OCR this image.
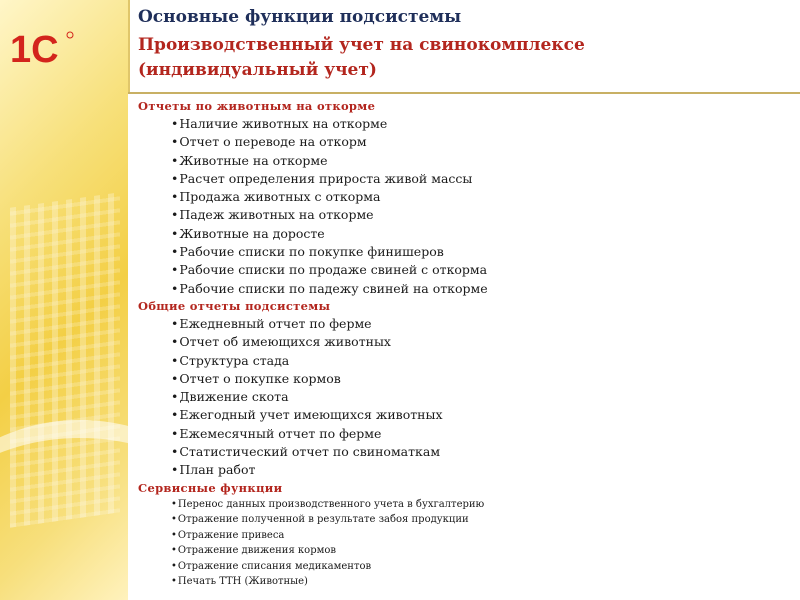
1С
Основные функции подсистемы
Производственный учет на свинокомплексе
(индивидуальный учет)
Отчеты по животным на откорме
• Наличие животных на откорме
• Отчет о переводе на откорм
• Животные на откорме
• Расчет определения прироста живой массы
• Продажа животных с откорма
• Падеж животных на откорме
• Животные на доросте
• Рабочие списки по покупке финишеров
• Рабочие списки по продаже свиней с откорма
• Рабочие списки по падежу свиней на откорме
Общие отчеты подсистемы
• Ежедневный отчет по ферме
• Отчет об имеющихся животных
• Структура стада
• Отчет о покупке кормов
• Движение скота
• Ежегодный учет имеющихся животных
• Ежемесячный отчет по ферме
• Статистический отчет по свиноматкам
• План работ
Сервисные функции
• Перенос данных производственного учета в бухгалтерию
• Отражение полученной в результате забоя продукции
• Отражение привеса
• Отражение движения кормов
• Отражение списания медикаментов
• Печать ТТН (Животные)
